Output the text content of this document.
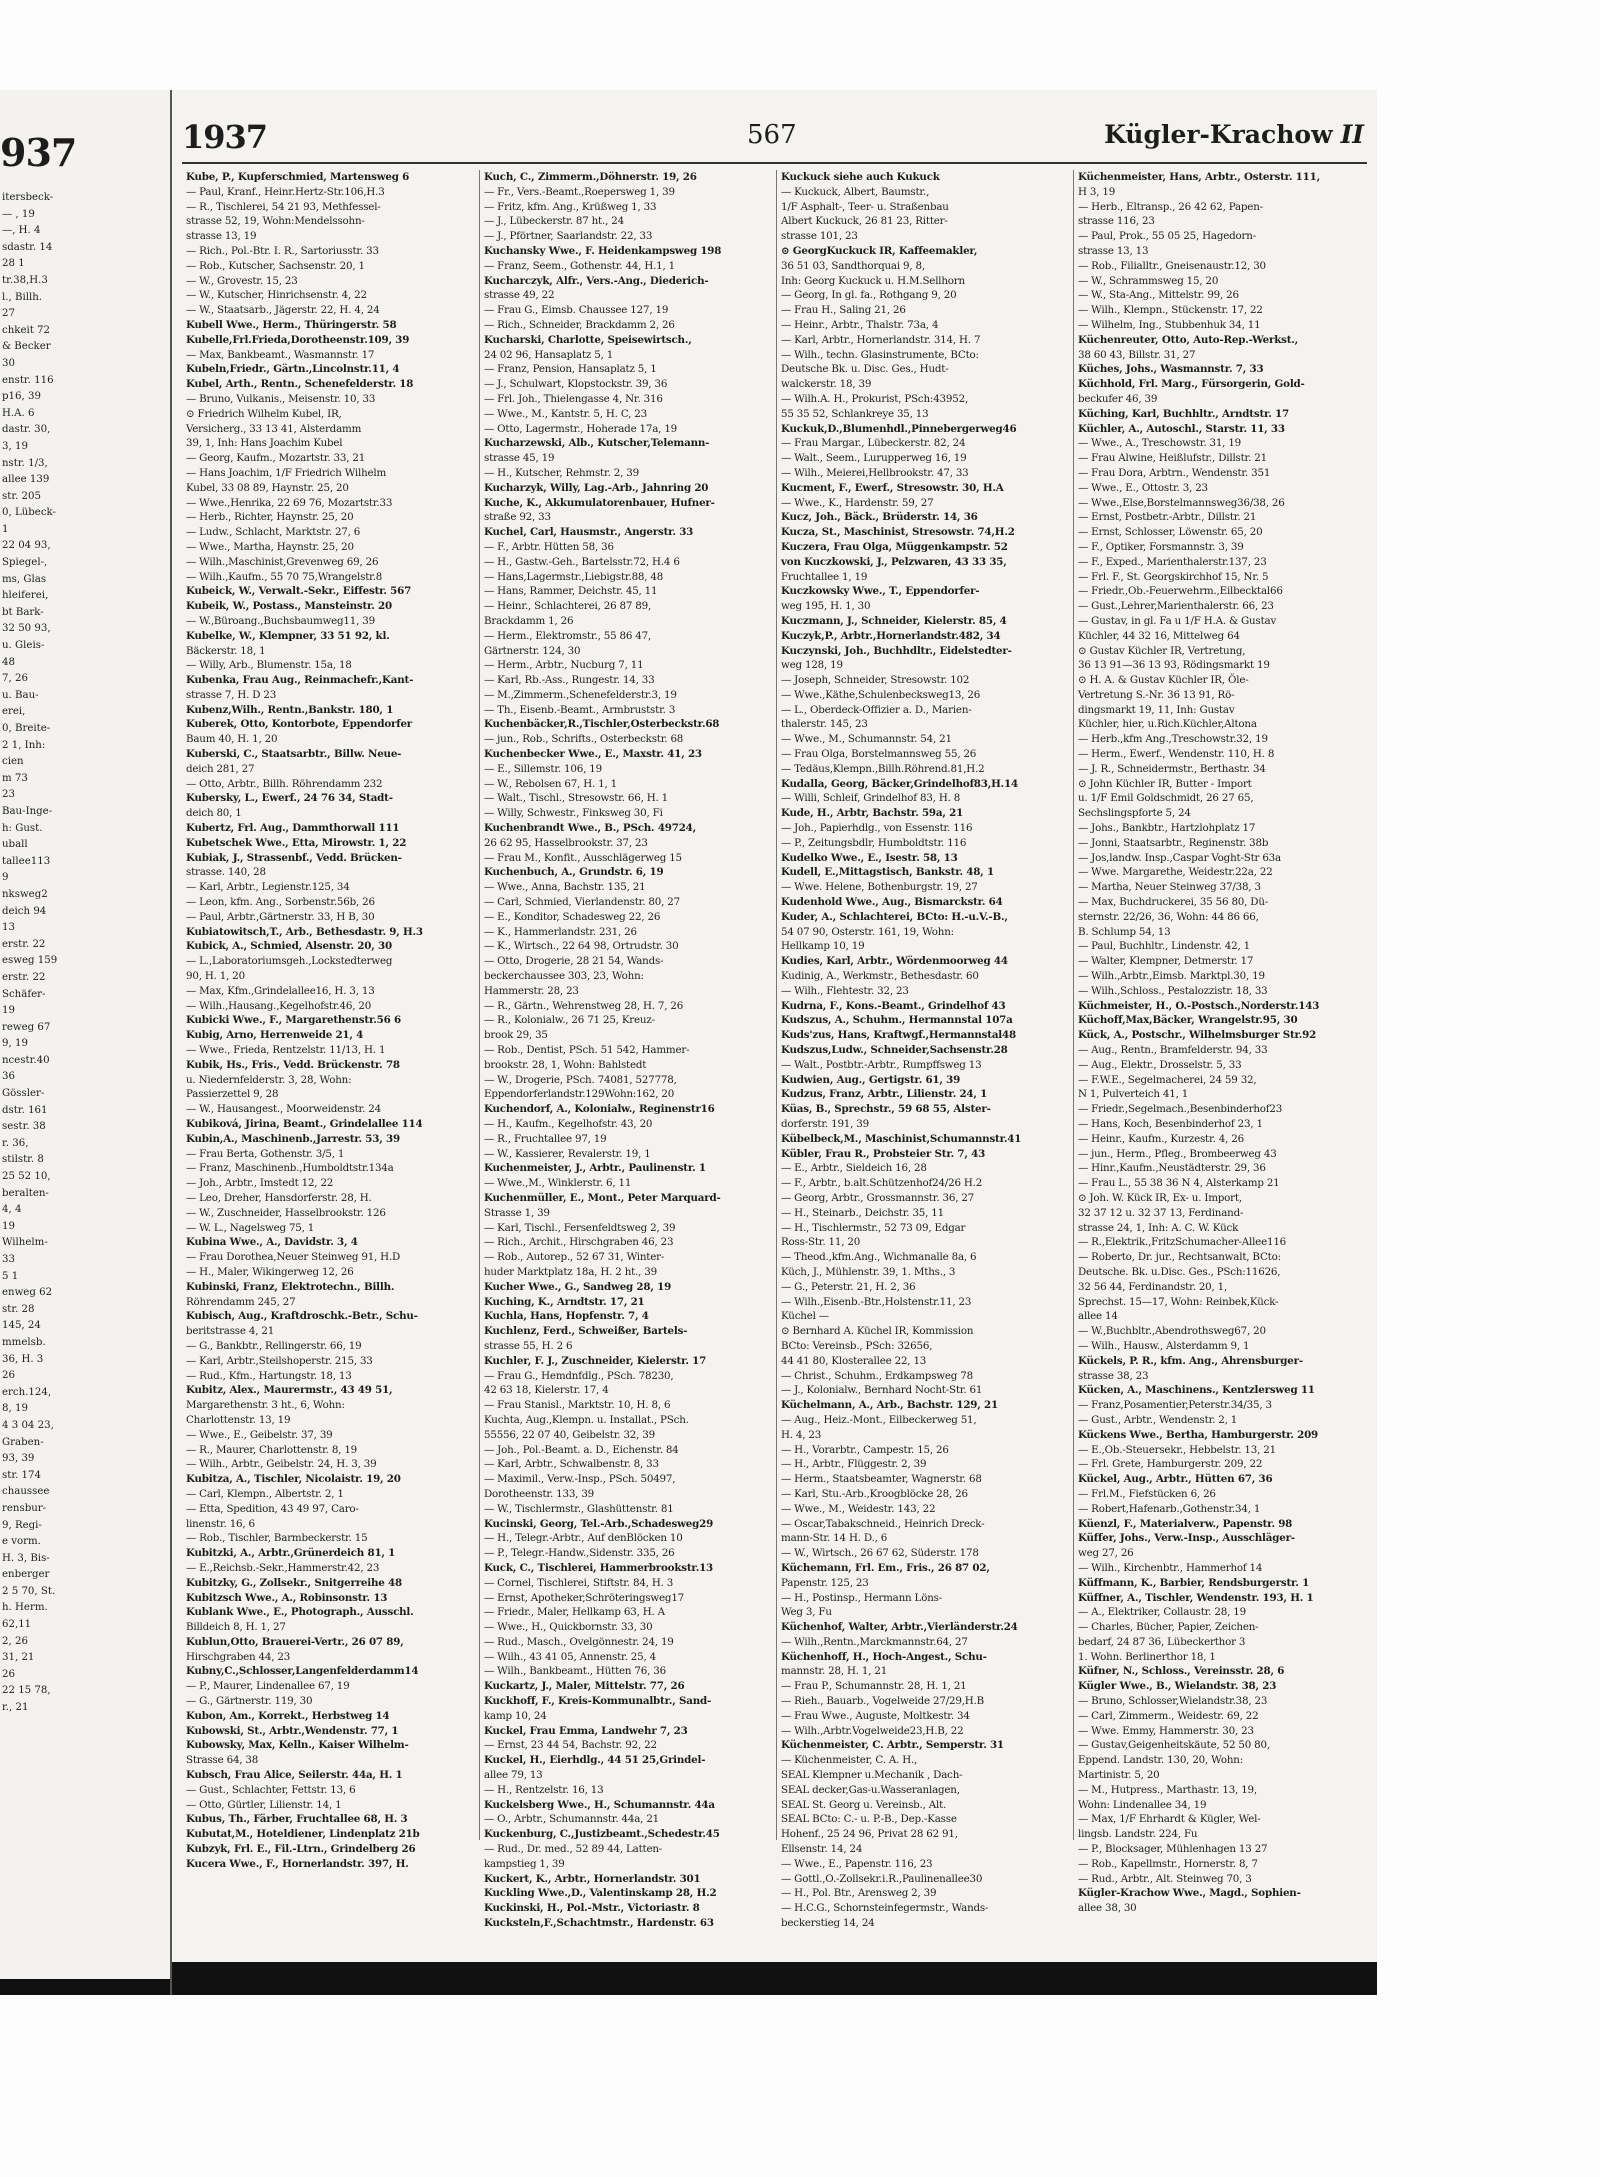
937
itersbeck-
— , 19
—, H. 4
sdastr. 14
28 1
tr.38,H.3
l., Billh.
27
chkeit 72
& Becker
30
enstr. 116
p16, 39
H.A. 6
dastr. 30,
3, 19
nstr. 1/3,
allee 139
str. 205
0, Lübeck-
1
22 04 93,
Spiegel-,
ms, Glas
hleiferei,
bt Bark-
32 50 93,
u. Gleis-
48
7, 26
u. Bau-
erei,
0, Breite-
2 1, Inh:
cien
m 73
23
Bau-Inge-
h: Gust.
uball
tallee113
9
nksweg2
deich 94
13
erstr. 22
esweg 159
erstr. 22
Schäfer-
19
reweg 67
9, 19
ncestr.40
36
Gössler-
dstr. 161
sestr. 38
r. 36,
stilstr. 8
25 52 10,
beralten-
4, 4
19
Wilhelm-
33
5 1
enweg 62
str. 28
145, 24
mmelsb.
36, H. 3
26
erch.124,
8, 19
4 3 04 23,
Graben-
93, 39
str. 174
chaussee
rensbur-
9, Regi-
e vorm.
H. 3, Bis-
enberger
2 5 70, St.
h. Herm.
62,11
2, 26
31, 21
26
22 15 78,
r., 21
1937	567	Kügler-Krachow II
Kube, P., Kupferschmied, Martensweg 6
— Paul, Kranf., Heinr.Hertz-Str.106,H.3
— R., Tischlerei, 54 21 93, Methfessel-
strasse 52, 19, Wohn:Mendelssohn-
strasse 13, 19
— Rich., Pol.-Btr. I. R., Sartoriusstr. 33
— Rob., Kutscher, Sachsenstr. 20, 1
— W., Grovestr. 15, 23
— W., Kutscher, Hinrichsenstr. 4, 22
— W., Staatsarb., Jägerstr. 22, H. 4, 24
Kubell Wwe., Herm., Thüringerstr. 58
Kubelle,Frl.Frieda,Dorotheenstr.109, 39
— Max, Bankbeamt., Wasmannstr. 17
Kubeln,Friedr., Gärtn.,Lincolnstr.11, 4
Kubel, Arth., Rentn., Schenefelderstr. 18
— Bruno, Vulkanis., Meisenstr. 10, 33
⊙ Friedrich Wilhelm Kubel, IR,
Versicherg., 33 13 41, Alsterdamm
39, 1, Inh: Hans Joachim Kubel
— Georg, Kaufm., Mozartstr. 33, 21
— Hans Joachim, 1/F Friedrich Wilhelm
Kubel, 33 08 89, Haynstr. 25, 20
— Wwe.,Henrika, 22 69 76, Mozartstr.33
— Herb., Richter, Haynstr. 25, 20
— Ludw., Schlacht, Marktstr. 27, 6
— Wwe., Martha, Haynstr. 25, 20
— Wilh.,Maschinist,Grevenweg 69, 26
— Wilh.,Kaufm., 55 70 75,Wrangelstr.8
Kubeick, W., Verwalt.-Sekr., Eiffestr. 567
Kubeik, W., Postass., Mansteinstr. 20
— W.,Büroang.,Buchsbaumweg11, 39
Kubelke, W., Klempner, 33 51 92, kl.
Bäckerstr. 18, 1
— Willy, Arb., Blumenstr. 15a, 18
Kubenka, Frau Aug., Reinmachefr.,Kant-
strasse 7, H. D 23
Kubenz,Wilh., Rentn.,Bankstr. 180, 1
Kuberek, Otto, Kontorbote, Eppendorfer
Baum 40, H. 1, 20
Kuberski, C., Staatsarbtr., Billw. Neue-
deich 281, 27
— Otto, Arbtr., Billh. Röhrendamm 232
Kubersky, L., Ewerf., 24 76 34, Stadt-
deich 80, 1
Kubertz, Frl. Aug., Dammthorwall 111
Kubetschek Wwe., Etta, Mirowstr. 1, 22
Kubiak, J., Strassenbf., Vedd. Brücken-
strasse. 140, 28
— Karl, Arbtr., Legienstr.125, 34
— Leon, kfm. Ang., Sorbenstr.56b, 26
— Paul, Arbtr.,Gärtnerstr. 33, H B, 30
Kubiatowitsch,T., Arb., Bethesdastr. 9, H.3
Kubick, A., Schmied, Alsenstr. 20, 30
— L.,Laboratoriumsgeh.,Lockstedterweg
90, H. 1, 20
— Max, Kfm.,Grindelallee16, H. 3, 13
— Wilh.,Hausang.,Kegelhofstr.46, 20
Kubicki Wwe., F., Margarethenstr.56 6
Kubig, Arno, Herrenweide 21, 4
— Wwe., Frieda, Rentzelstr. 11/13, H. 1
Kubik, Hs., Fris., Vedd. Brückenstr. 78
u. Niedernfelderstr. 3, 28, Wohn:
Passierzettel 9, 28
— W., Hausangest., Moorweidenstr. 24
Kubiková, Jirina, Beamt., Grindelallee 114
Kubin,A., Maschinenb.,Jarrestr. 53, 39
— Frau Berta, Gothenstr. 3/5, 1
— Franz, Maschinenb.,Humboldtstr.134a
— Joh., Arbtr., Imstedt 12, 22
— Leo, Dreher, Hansdorferstr. 28, H.
— W., Zuschneider, Hasselbrookstr. 126
— W. L., Nagelsweg 75, 1
Kubina Wwe., A., Davidstr. 3, 4
— Frau Dorothea,Neuer Steinweg 91, H.D
— H., Maler, Wikingerweg 12, 26
Kubinski, Franz, Elektrotechn., Billh.
Röhrendamm 245, 27
Kubisch, Aug., Kraftdroschk.-Betr., Schu-
beritstrasse 4, 21
— G., Bankbtr., Rellingerstr. 66, 19
— Karl, Arbtr.,Steilshoperstr. 215, 33
— Rud., Kfm., Hartungstr. 18, 13
Kubitz, Alex., Maurermstr., 43 49 51,
Margarethenstr. 3 ht., 6, Wohn:
Charlottenstr. 13, 19
— Wwe., E., Geibelstr. 37, 39
— R., Maurer, Charlottenstr. 8, 19
— Wilh., Arbtr., Geibelstr. 24, H. 3, 39
Kubitza, A., Tischler, Nicolaistr. 19, 20
— Carl, Klempn., Albertstr. 2, 1
— Etta, Spedition, 43 49 97, Caro-
linenstr. 16, 6
— Rob., Tischler, Barmbeckerstr. 15
Kubitzki, A., Arbtr.,Grünerdeich 81, 1
— E.,Reichsb.-Sekr.,Hammerstr.42, 23
Kubitzky, G., Zollsekr., Snitgerreihe 48
Kubitzsch Wwe., A., Robinsonstr. 13
Kublank Wwe., E., Photograph., Ausschl.
Billdeich 8, H. 1, 27
Kublun,Otto, Brauerei-Vertr., 26 07 89,
Hirschgraben 44, 23
Kubny,C.,Schlosser,Langenfelderdamm14
— P., Maurer, Lindenallee 67, 19
— G., Gärtnerstr. 119, 30
Kubon, Am., Korrekt., Herbstweg 14
Kubowski, St., Arbtr.,Wendenstr. 77, 1
Kubowsky, Max, Kelln., Kaiser Wilhelm-
Strasse 64, 38
Kubsch, Frau Alice, Seilerstr. 44a, H. 1
— Gust., Schlachter, Fettstr. 13, 6
— Otto, Gürtler, Lilienstr. 14, 1
Kubus, Th., Färber, Fruchtallee 68, H. 3
Kubutat,M., Hoteldiener, Lindenplatz 21b
Kubzyk, Frl. E., Fil.-Ltrn., Grindelberg 26
Kucera Wwe., F., Hornerlandstr. 397, H.
Kuch, C., Zimmerm.,Döhnerstr. 19, 26
— Fr., Vers.-Beamt.,Roepersweg 1, 39
— Fritz, kfm. Ang., Krüßweg 1, 33
— J., Lübeckerstr. 87 ht., 24
— J., Pförtner, Saarlandstr. 22, 33
Kuchansky Wwe., F. Heidenkampsweg 198
— Franz, Seem., Gothenstr. 44, H.1, 1
Kucharczyk, Alfr., Vers.-Ang., Diederich-
strasse 49, 22
— Frau G., Eimsb. Chaussee 127, 19
— Rich., Schneider, Brackdamm 2, 26
Kucharski, Charlotte, Speisewirtsch.,
24 02 96, Hansaplatz 5, 1
— Franz, Pension, Hansaplatz 5, 1
— J., Schulwart, Klopstockstr. 39, 36
— Frl. Joh., Thielengasse 4, Nr. 316
— Wwe., M., Kantstr. 5, H. C, 23
— Otto, Lagermstr., Hoherade 17a, 19
Kucharzewski, Alb., Kutscher,Telemann-
strasse 45, 19
— H., Kutscher, Rehmstr. 2, 39
Kucharzyk, Willy, Lag.-Arb., Jahnring 20
Kuche, K., Akkumulatorenbauer, Hufner-
straße 92, 33
Kuchel, Carl, Hausmstr., Angerstr. 33
— F., Arbtr. Hütten 58, 36
— H., Gastw.-Geh., Bartelsstr.72, H.4 6
— Hans,Lagermstr.,Liebigstr.88, 48
— Hans, Rammer, Deichstr. 45, 11
— Heinr., Schlachterei, 26 87 89,
Brackdamm 1, 26
— Herm., Elektromstr., 55 86 47,
Gärtnerstr. 124, 30
— Herm., Arbtr., Nucburg 7, 11
— Karl, Rb.-Ass., Rungestr. 14, 33
— M.,Zimmerm.,Schenefelderstr.3, 19
— Th., Eisenb.-Beamt., Armbruststr. 3
Kuchenbäcker,R.,Tischler,Osterbeckstr.68
— jun., Rob., Schrifts., Osterbeckstr. 68
Kuchenbecker Wwe., E., Maxstr. 41, 23
— E., Sillemstr. 106, 19
— W., Rebolsen 67, H. 1, 1
— Walt., Tischl., Stresowstr. 66, H. 1
— Willy, Schwestr., Finksweg 30, Fi
Kuchenbrandt Wwe., B., PSch. 49724,
26 62 95, Hasselbrookstr. 37, 23
— Frau M., Konfit., Ausschlägerweg 15
Kuchenbuch, A., Grundstr. 6, 19
— Wwe., Anna, Bachstr. 135, 21
— Carl, Schmied, Vierlandenstr. 80, 27
— E., Konditor, Schadesweg 22, 26
— K., Hammerlandstr. 231, 26
— K., Wirtsch., 22 64 98, Ortrudstr. 30
— Otto, Drogerie, 28 21 54, Wands-
beckerchaussee 303, 23, Wohn:
Hammerstr. 28, 23
— R., Gärtn., Wehrenstweg 28, H. 7, 26
— R., Kolonialw., 26 71 25, Kreuz-
brook 29, 35
— Rob., Dentist, PSch. 51 542, Hammer-
brookstr. 28, 1, Wohn: Bahlstedt
— W., Drogerie, PSch. 74081, 527778,
Eppendorferlandstr.129Wohn:162, 20
Kuchendorf, A., Kolonialw., Reginenstr16
— H., Kaufm., Kegelhofstr. 43, 20
— R., Fruchtallee 97, 19
— W., Kassierer, Revalerstr. 19, 1
Kuchenmeister, J., Arbtr., Paulinenstr. 1
— Wwe.,M., Winklerstr. 6, 11
Kuchenmüller, E., Mont., Peter Marquard-
Strasse 1, 39
— Karl, Tischl., Fersenfeldtsweg 2, 39
— Rich., Archit., Hirschgraben 46, 23
— Rob., Autorep., 52 67 31, Winter-
huder Marktplatz 18a, H. 2 ht., 39
Kucher Wwe., G., Sandweg 28, 19
Kuching, K., Arndtstr. 17, 21
Kuchla, Hans, Hopfenstr. 7, 4
Kuchlenz, Ferd., Schweißer, Bartels-
strasse 55, H. 2 6
Kuchler, F. J., Zuschneider, Kielerstr. 17
— Frau G., Hemdnfdlg., PSch. 78230,
42 63 18, Kielerstr. 17, 4
— Frau Stanisl., Marktstr. 10, H. 8, 6
Kuchta, Aug.,Klempn. u. Installat., PSch.
55556, 22 07 40, Geibelstr. 32, 39
— Joh., Pol.-Beamt. a. D., Eichenstr. 84
— Karl, Arbtr., Schwalbenstr. 8, 33
— Maximil., Verw.-Insp., PSch. 50497,
Dorotheenstr. 133, 39
— W., Tischlermstr., Glashüttenstr. 81
Kucinski, Georg, Tel.-Arb.,Schadesweg29
— H., Telegr.-Arbtr., Auf denBlöcken 10
— P., Telegr.-Handw.,Sidenstr. 335, 26
Kuck, C., Tischlerei, Hammerbrookstr.13
— Cornel, Tischlerei, Stiftstr. 84, H. 3
— Ernst, Apotheker,Schröteringsweg17
— Friedr., Maler, Hellkamp 63, H. A
— Wwe., H., Quickbornstr. 33, 30
— Rud., Masch., Ovelgönnestr. 24, 19
— Wilh., 43 41 05, Annenstr. 25, 4
— Wilh., Bankbeamt., Hütten 76, 36
Kuckartz, J., Maler, Mittelstr. 77, 26
Kuckhoff, F., Kreis-Kommunalbtr., Sand-
kamp 10, 24
Kuckel, Frau Emma, Landwehr 7, 23
— Ernst, 23 44 54, Bachstr. 92, 22
Kuckel, H., Eierhdlg., 44 51 25,Grindel-
allee 79, 13
— H., Rentzelstr. 16, 13
Kuckelsberg Wwe., H., Schumannstr. 44a
— O., Arbtr., Schumannstr. 44a, 21
Kuckenburg, C.,Justizbeamt.,Schedestr.45
— Rud., Dr. med., 52 89 44, Latten-
kampstieg 1, 39
Kuckert, K., Arbtr., Hornerlandstr. 301
Kuckling Wwe.,D., Valentinskamp 28, H.2
Kuckinski, H., Pol.-Mstr., Victoriastr. 8
Kucksteln,F.,Schachtmstr., Hardenstr. 63
Kuckuck siehe auch Kukuck
— Kuckuck, Albert, Baumstr.,
1/F Asphalt-, Teer- u. Straßenbau
Albert Kuckuck, 26 81 23, Ritter-
strasse 101, 23
⊙ GeorgKuckuck IR, Kaffeemakler,
36 51 03, Sandthorquai 9, 8,
Inh: Georg Kuckuck u. H.M.Sellhorn
— Georg, In gl. fa., Rothgang 9, 20
— Frau H., Saling 21, 26
— Heinr., Arbtr., Thalstr. 73a, 4
— Karl, Arbtr., Hornerlandstr. 314, H. 7
— Wilh., techn. Glasinstrumente, BCto:
Deutsche Bk. u. Disc. Ges., Hudt-
walckerstr. 18, 39
— Wilh.A. H., Prokurist, PSch:43952,
55 35 52, Schlankreye 35, 13
Kuckuk,D.,Blumenhdl.,Pinnebergerweg46
— Frau Margar., Lübeckerstr. 82, 24
— Walt., Seem., Lurupperweg 16, 19
— Wilh., Meierei,Hellbrookstr. 47, 33
Kucment, F., Ewerf., Stresowstr. 30, H.A
— Wwe., K., Hardenstr. 59, 27
Kucz, Joh., Bäck., Brüderstr. 14, 36
Kucza, St., Maschinist, Stresowstr. 74,H.2
Kuczera, Frau Olga, Müggenkampstr. 52
von Kuczkowski, J., Pelzwaren, 43 33 35,
Fruchtallee 1, 19
Kuczkowsky Wwe., T., Eppendorfer-
weg 195, H. 1, 30
Kuczmann, J., Schneider, Kielerstr. 85, 4
Kuczyk,P., Arbtr.,Hornerlandstr.482, 34
Kuczynski, Joh., Buchhdltr., Eidelstedter-
weg 128, 19
— Joseph, Schneider, Stresowstr. 102
— Wwe.,Käthe,Schulenbecksweg13, 26
— L., Oberdeck-Offizier a. D., Marien-
thalerstr. 145, 23
— Wwe., M., Schumannstr. 54, 21
— Frau Olga, Borstelmannsweg 55, 26
— Tedäus,Klempn.,Billh.Röhrend.81,H.2
Kudalla, Georg, Bäcker,Grindelhof83,H.14
— Willi, Schleif, Grindelhof 83, H. 8
Kude, H., Arbtr, Bachstr. 59a, 21
— Joh., Papierhdlg., von Essenstr. 116
— P., Zeitungsbdlr, Humboldtstr. 116
Kudelko Wwe., E., Isestr. 58, 13
Kudell, E.,Mittagstisch, Bankstr. 48, 1
— Wwe. Helene, Bothenburgstr. 19, 27
Kudenhold Wwe., Aug., Bismarckstr. 64
Kuder, A., Schlachterei, BCto: H.-u.V.-B.,
54 07 90, Osterstr. 161, 19, Wohn:
Hellkamp 10, 19
Kudies, Karl, Arbtr., Wördenmoorweg 44
Kudinig, A., Werkmstr., Bethesdastr. 60
— Wilh., Flehtestr. 32, 23
Kudrna, F., Kons.-Beamt., Grindelhof 43
Kudszus, A., Schuhm., Hermannstal 107a
Kuds'zus, Hans, Kraftwgf.,Hermannstal48
Kudszus,Ludw., Schneider,Sachsenstr.28
— Walt., Postbtr.-Arbtr., Rumpffsweg 13
Kudwien, Aug., Gertigstr. 61, 39
Kudzus, Franz, Arbtr., Lilienstr. 24, 1
Küas, B., Sprechstr., 59 68 55, Alster-
dorferstr. 191, 39
Kübelbeck,M., Maschinist,Schumannstr.41
Kübler, Frau R., Probsteier Str. 7, 43
— E., Arbtr., Sieldeich 16, 28
— F., Arbtr., b.alt.Schützenhof24/26 H.2
— Georg, Arbtr., Grossmannstr. 36, 27
— H., Steinarb., Deichstr. 35, 11
— H., Tischlermstr., 52 73 09, Edgar
Ross-Str. 11, 20
— Theod.,kfm.Ang., Wichmanalle 8a, 6
Küch, J., Mühlenstr. 39, 1. Mths., 3
— G., Peterstr. 21, H. 2, 36
— Wilh.,Eisenb.-Btr.,Holstenstr.11, 23
Küchel —
⊙ Bernhard A. Küchel IR, Kommission
BCto: Vereinsb., PSch: 32656,
44 41 80, Klosterallee 22, 13
— Christ., Schuhm., Erdkampsweg 78
— J., Kolonialw., Bernhard Nocht-Str. 61
Küchelmann, A., Arb., Bachstr. 129, 21
— Aug., Heiz.-Mont., Eilbeckerweg 51,
H. 4, 23
— H., Vorarbtr., Campestr. 15, 26
— H., Arbtr., Flüggestr. 2, 39
— Herm., Staatsbeamter, Wagnerstr. 68
— Karl, Stu.-Arb.,Kroogblöcke 28, 26
— Wwe., M., Weidestr. 143, 22
— Oscar,Tabakschneid., Heinrich Dreck-
mann-Str. 14 H. D., 6
— W., Wirtsch., 26 67 62, Süderstr. 178
Küchemann, Frl. Em., Fris., 26 87 02,
Papenstr. 125, 23
— H., Postinsp., Hermann Löns-
Weg 3, Fu
Küchenhof, Walter, Arbtr.,Vierländerstr.24
— Wilh.,Rentn.,Marckmannstr.64, 27
Küchenhoff, H., Hoch-Angest., Schu-
mannstr. 28, H. 1, 21
— Frau P., Schumannstr. 28, H. 1, 21
— Rieh., Bauarb., Vogelweide 27/29,H.B
— Frau Wwe., Auguste, Moltkestr. 34
— Wilh.,Arbtr.Vogelweide23,H.B, 22
Küchenmeister, C. Arbtr., Semperstr. 31
— Küchenmeister, C. A. H.,
SEAL Klempner u.Mechanik , Dach-
SEAL decker,Gas-u.Wasseranlagen,
SEAL St. Georg u. Vereinsb., Alt.
SEAL BCto: C.- u. P.-B., Dep.-Kasse
Hohenf., 25 24 96, Privat 28 62 91,
Ellsenstr. 14, 24
— Wwe., E., Papenstr. 116, 23
— Gottl.,O.-Zollsekr.i.R.,Paulinenallee30
— H., Pol. Btr., Arensweg 2, 39
— H.C.G., Schornsteinfegermstr., Wands-
beckerstieg 14, 24
Küchenmeister, Hans, Arbtr., Osterstr. 111,
H 3, 19
— Herb., Eltransp., 26 42 62, Papen-
strasse 116, 23
— Paul, Prok., 55 05 25, Hagedorn-
strasse 13, 13
— Rob., Filialltr., Gneisenaustr.12, 30
— W., Schrammsweg 15, 20
— W., Sta-Ang., Mittelstr. 99, 26
— Wilh., Klempn., Stückenstr. 17, 22
— Wilhelm, Ing., Stubbenhuk 34, 11
Küchenreuter, Otto, Auto-Rep.-Werkst.,
38 60 43, Billstr. 31, 27
Küches, Johs., Wasmannstr. 7, 33
Küchhold, Frl. Marg., Fürsorgerin, Gold-
beckufer 46, 39
Küching, Karl, Buchhltr., Arndtstr. 17
Küchler, A., Autoschl., Starstr. 11, 33
— Wwe., A., Treschowstr. 31, 19
— Frau Alwine, Heißlufstr., Dillstr. 21
— Frau Dora, Arbtrn., Wendenstr. 351
— Wwe., E., Ottostr. 3, 23
— Wwe.,Else,Borstelmannsweg36/38, 26
— Ernst, Postbetr.-Arbtr., Dillstr. 21
— Ernst, Schlosser, Löwenstr. 65, 20
— F., Optiker, Forsmannstr. 3, 39
— F., Exped., Marienthalerstr.137, 23
— Frl. F., St. Georgskirchhof 15, Nr. 5
— Friedr.,Ob.-Feuerwehrm.,Eilbecktal66
— Gust.,Lehrer,Marienthalerstr. 66, 23
— Gustav, in gl. Fa u 1/F H.A. & Gustav
Küchler, 44 32 16, Mittelweg 64
⊙ Gustav Küchler IR, Vertretung,
36 13 91—36 13 93, Rödingsmarkt 19
⊙ H. A. & Gustav Küchler IR, Öle-
Vertretung S.-Nr. 36 13 91, Rö-
dingsmarkt 19, 11, Inh: Gustav
Küchler, hier, u.Rich.Küchler,Altona
— Herb.,kfm Ang.,Treschowstr.32, 19
— Herm., Ewerf., Wendenstr. 110, H. 8
— J. R., Schneidermstr., Berthastr. 34
⊙ John Küchler IR, Butter - Import
u. 1/F Emil Goldschmidt, 26 27 65,
Sechslingspforte 5, 24
— Johs., Bankbtr., Hartzlohplatz 17
— Jonni, Staatsarbtr., Reginenstr. 38b
— Jos,landw. Insp.,Caspar Voght-Str 63a
— Wwe. Margarethe, Weidestr.22a, 22
— Martha, Neuer Steinweg 37/38, 3
— Max, Buchdruckerei, 35 56 80, Dü-
sternstr. 22/26, 36, Wohn: 44 86 66,
B. Schlump 54, 13
— Paul, Buchhltr., Lindenstr. 42, 1
— Walter, Klempner, Detmerstr. 17
— Wilh.,Arbtr.,Eimsb. Marktpl.30, 19
— Wilh.,Schloss., Pestalozzistr. 18, 33
Küchmeister, H., O.-Postsch.,Norderstr.143
Küchoff,Max,Bäcker, Wrangelstr.95, 30
Kück, A., Postschr., Wilhelmsburger Str.92
— Aug., Rentn., Bramfelderstr. 94, 33
— Aug., Elektr., Drosselstr. 5, 33
— F.W.E., Segelmacherei, 24 59 32,
N 1, Pulverteich 41, 1
— Friedr.,Segelmach.,Besenbinderhof23
— Hans, Koch, Besenbinderhof 23, 1
— Heinr., Kaufm., Kurzestr. 4, 26
— jun., Herm., Pfleg., Brombeerweg 43
— Hinr.,Kaufm.,Neustädterstr. 29, 36
— Frau L., 55 38 36 N 4, Alsterkamp 21
⊙ Joh. W. Kück IR, Ex- u. Import,
32 37 12 u. 32 37 13, Ferdinand-
strasse 24, 1, Inh: A. C. W. Kück
— R.,Elektrik.,FritzSchumacher-Allee116
— Roberto, Dr. jur., Rechtsanwalt, BCto:
Deutsche. Bk. u.Disc. Ges., PSch:11626,
32 56 44, Ferdinandstr. 20, 1,
Sprechst. 15—17, Wohn: Reinbek,Kück-
allee 14
— W.,Buchbltr.,Abendrothsweg67, 20
— Wilh., Hausw., Alsterdamm 9, 1
Kückels, P. R., kfm. Ang., Ahrensburger-
strasse 38, 23
Kücken, A., Maschinens., Kentzlersweg 11
— Franz,Posamentier,Peterstr.34/35, 3
— Gust., Arbtr., Wendenstr. 2, 1
Kückens Wwe., Bertha, Hamburgerstr. 209
— E.,Ob.-Steuersekr., Hebbelstr. 13, 21
— Frl. Grete, Hamburgerstr. 209, 22
Kückel, Aug., Arbtr., Hütten 67, 36
— Frl.M., Fiefstücken 6, 26
— Robert,Hafenarb.,Gothenstr.34, 1
Küenzl, F., Materialverw., Papenstr. 98
Küffer, Johs., Verw.-Insp., Ausschläger-
weg 27, 26
— Wilh., Kirchenbtr., Hammerhof 14
Küffmann, K., Barbier, Rendsburgerstr. 1
Küffner, A., Tischler, Wendenstr. 193, H. 1
— A., Elektriker, Collaustr. 28, 19
— Charles, Bücher, Papier, Zeichen-
bedarf, 24 87 36, Lübeckerthor 3
1. Wohn. Berlinerthor 18, 1
Küfner, N., Schloss., Vereinsstr. 28, 6
Kügler Wwe., B., Wielandstr. 38, 23
— Bruno, Schlosser,Wielandstr.38, 23
— Carl, Zimmerm., Weidestr. 69, 22
— Wwe. Emmy, Hammerstr. 30, 23
— Gustav,Geigenheitskäute, 52 50 80,
Eppend. Landstr. 130, 20, Wohn:
Martinistr. 5, 20
— M., Hutpress., Marthastr. 13, 19,
Wohn: Lindenallee 34, 19
— Max, 1/F Ehrhardt & Kügler, Wel-
lingsb. Landstr. 224, Fu
— P., Blocksager, Mühlenhagen 13 27
— Rob., Kapellmstr., Hornerstr. 8, 7
— Rud., Arbtr., Alt. Steinweg 70, 3
Kügler-Krachow Wwe., Magd., Sophien-
allee 38, 30
